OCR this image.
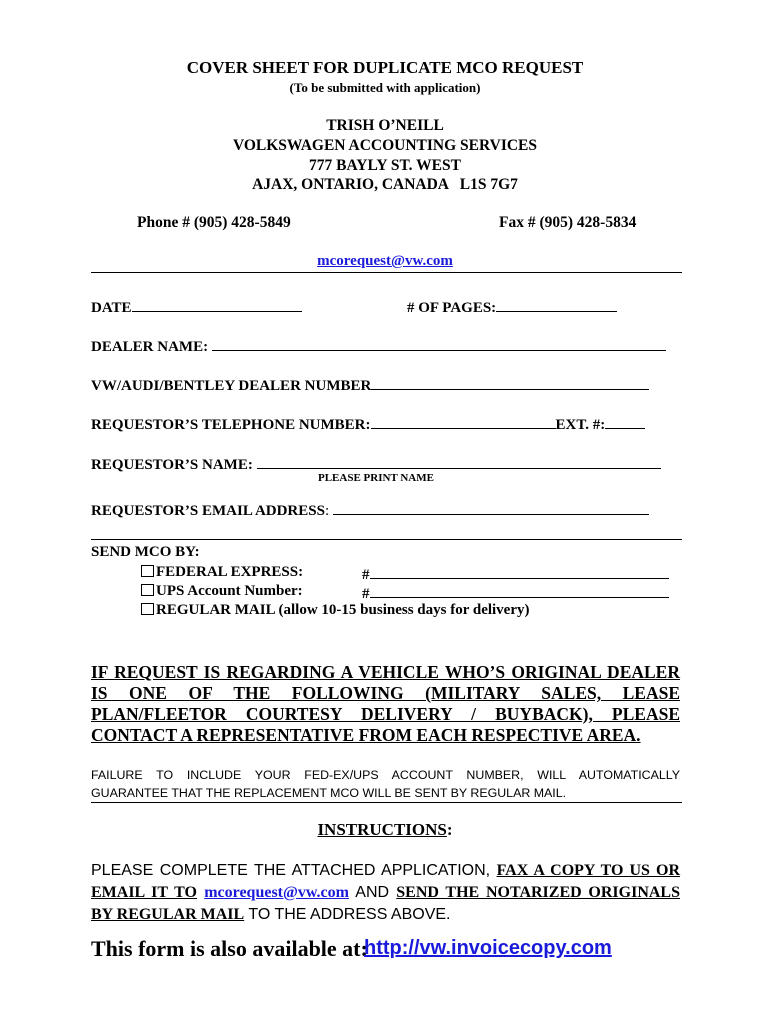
COVER SHEET FOR DUPLICATE MCO REQUEST
(To be submitted with application)
TRISH O’NEILL
VOLKSWAGEN ACCOUNTING SERVICES
777 BAYLY ST. WEST
AJAX, ONTARIO, CANADA   L1S 7G7
Phone # (905) 428-5849	Fax # (905) 428-5834
mcorequest@vw.com
DATE	# OF PAGES:
DEALER NAME:
VW/AUDI/BENTLEY DEALER NUMBER
REQUESTOR’S TELEPHONE NUMBER:	EXT. #:
REQUESTOR’S NAME:
PLEASE PRINT NAME
REQUESTOR’S EMAIL ADDRESS:
SEND MCO BY:
FEDERAL EXPRESS:	#
UPS Account Number:	#
REGULAR MAIL (allow 10-15 business days for delivery)
IF REQUEST IS REGARDING A VEHICLE WHO’S ORIGINAL DEALER
IS ONE OF THE FOLLOWING (MILITARY SALES, LEASE
PLAN/FLEETOR COURTESY DELIVERY / BUYBACK), PLEASE
CONTACT A REPRESENTATIVE FROM EACH RESPECTIVE AREA.
FAILURE TO INCLUDE YOUR FED-EX/UPS ACCOUNT NUMBER, WILL AUTOMATICALLY
GUARANTEE THAT THE REPLACEMENT MCO WILL BE SENT BY REGULAR MAIL.
INSTRUCTIONS:
PLEASE COMPLETE THE ATTACHED APPLICATION, FAX A COPY TO US OR
EMAIL IT TO mcorequest@vw.com AND SEND THE NOTARIZED ORIGINALS
BY REGULAR MAIL TO THE ADDRESS ABOVE.
This form is also available at:
http://vw.invoicecopy.com
